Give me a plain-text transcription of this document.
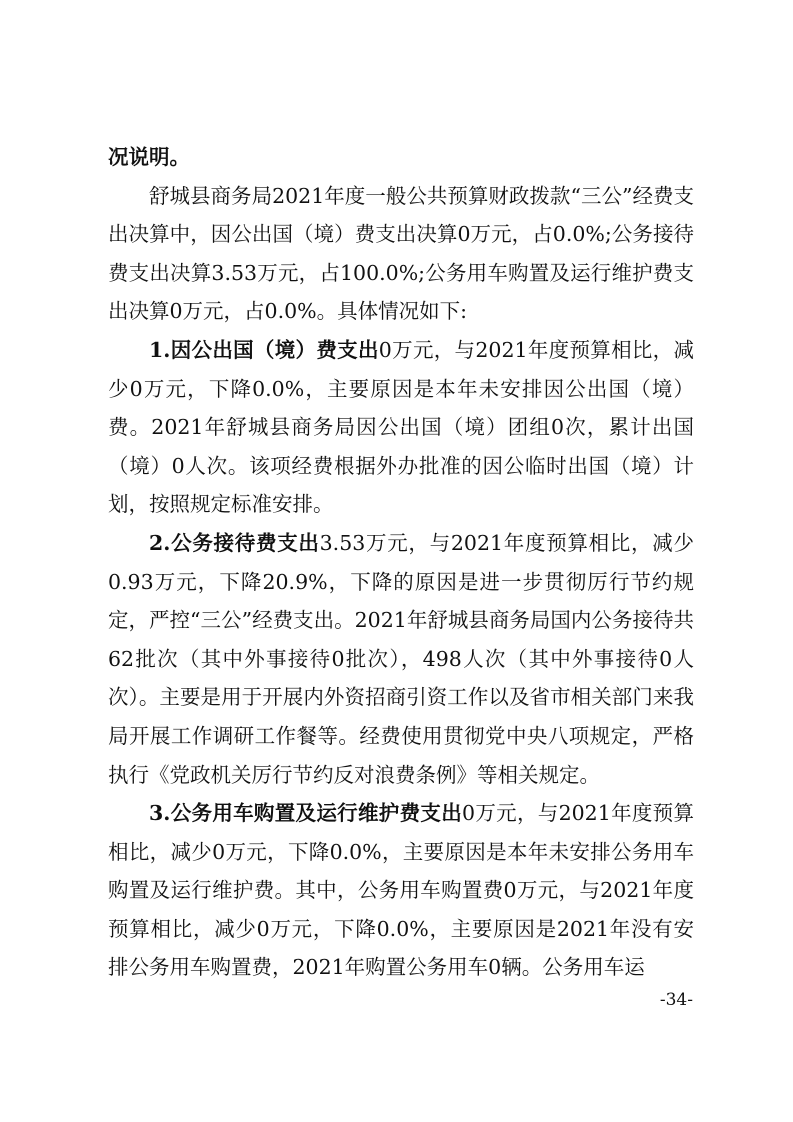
况说明。

舒城县商务局2021年度一般公共预算财政拨款“三公”经费支出决算中，因公出国（境）费支出决算0万元，占0.0%;公务接待费支出决算3.53万元，占100.0%;公务用车购置及运行维护费支出决算0万元，占0.0%。具体情况如下:

1.因公出国（境）费支出0万元，与2021年度预算相比，减少0万元，下降0.0%，主要原因是本年未安排因公出国（境）费。2021年舒城县商务局因公出国（境）团组0次，累计出国（境）0人次。该项经费根据外办批准的因公临时出国（境）计划，按照规定标准安排。

2.公务接待费支出3.53万元，与2021年度预算相比，减少0.93万元，下降20.9%，下降的原因是进一步贯彻厉行节约规定，严控“三公”经费支出。2021年舒城县商务局国内公务接待共62批次（其中外事接待0批次），498人次（其中外事接待0人次）。主要是用于开展内外资招商引资工作以及省市相关部门来我局开展工作调研工作餐等。经费使用贯彻党中央八项规定，严格执行《党政机关厉行节约反对浪费条例》等相关规定。

3.公务用车购置及运行维护费支出0万元，与2021年度预算相比，减少0万元，下降0.0%，主要原因是本年未安排公务用车购置及运行维护费。其中，公务用车购置费0万元，与2021年度预算相比，减少0万元，下降0.0%，主要原因是2021年没有安排公务用车购置费，2021年购置公务用车0辆。公务用车运

-34-
